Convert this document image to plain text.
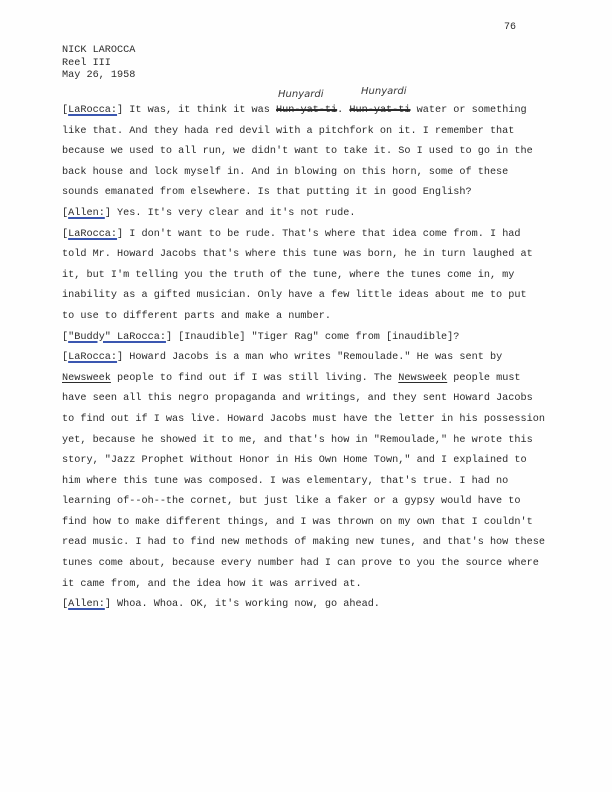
76
NICK LAROCCA
Reel III
May 26, 1958
Hunyardi	Hunyardi
[LaRocca:] It was, it think it was Hun-yat-ti. Hun-yat-ti water or something
like that. And they hada red devil with a pitchfork on it. I remember that
because we used to all run, we didn't want to take it. So I used to go in the
back house and lock myself in. And in blowing on this horn, some of these
sounds emanated from elsewhere. Is that putting it in good English?
[Allen:] Yes. It's very clear and it's not rude.
[LaRocca:] I don't want to be rude. That's where that idea come from. I had
told Mr. Howard Jacobs that's where this tune was born, he in turn laughed at
it, but I'm telling you the truth of the tune, where the tunes come in, my
inability as a gifted musician. Only have a few little ideas about me to put
to use to different parts and make a number.
["Buddy" LaRocca:] [Inaudible] "Tiger Rag" come from [inaudible]?
[LaRocca:] Howard Jacobs is a man who writes "Remoulade." He was sent by
Newsweek people to find out if I was still living. The Newsweek people must
have seen all this negro propaganda and writings, and they sent Howard Jacobs
to find out if I was live. Howard Jacobs must have the letter in his possession
yet, because he showed it to me, and that's how in "Remoulade," he wrote this
story, "Jazz Prophet Without Honor in His Own Home Town," and I explained to
him where this tune was composed. I was elementary, that's true. I had no
learning of--oh--the cornet, but just like a faker or a gypsy would have to
find how to make different things, and I was thrown on my own that I couldn't
read music. I had to find new methods of making new tunes, and that's how these
tunes come about, because every number had I can prove to you the source where
it came from, and the idea how it was arrived at.
[Allen:] Whoa. Whoa. OK, it's working now, go ahead.
